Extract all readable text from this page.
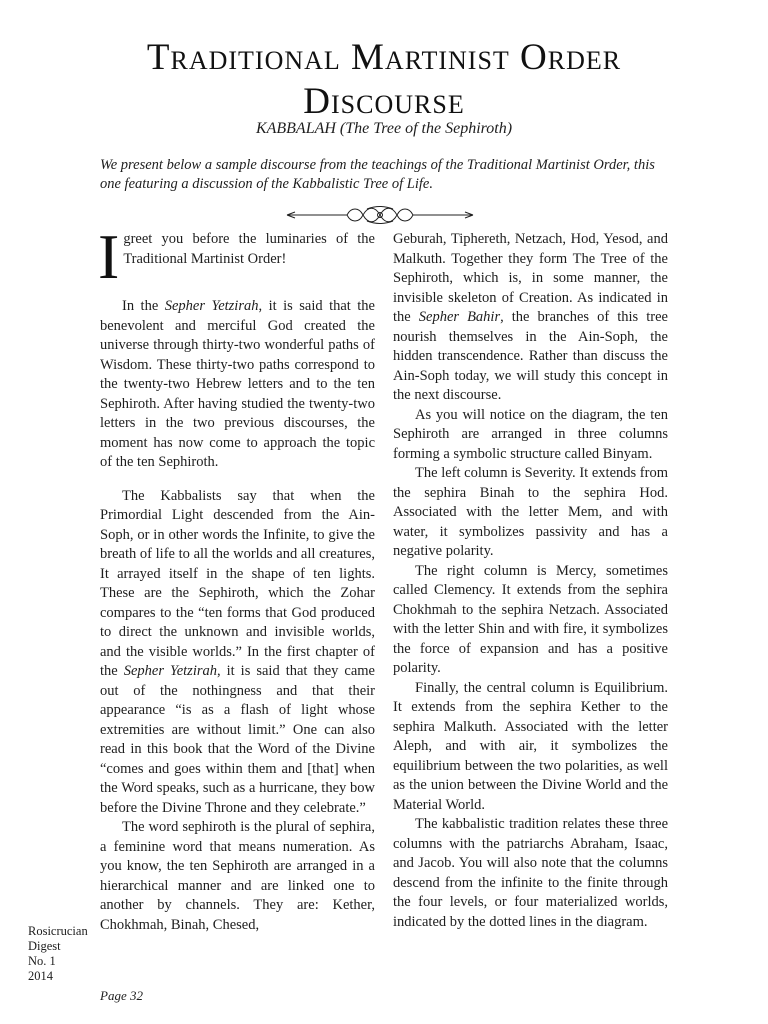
Traditional Martinist Order
Discourse
KABBALAH (The Tree of the Sephiroth)

We present below a sample discourse from the teachings of the Traditional Martinist Order, this one featuring a discussion of the Kabbalistic Tree of Life.

Igreet you before the luminaries of the Traditional Martinist Order!

In the Sepher Yetzirah, it is said that the benevolent and merciful God created the universe through thirty-two wonderful paths of Wisdom. These thirty-two paths correspond to the twenty-two Hebrew letters and to the ten Sephiroth. After having studied the twenty-two letters in the two previous discourses, the moment has now come to approach the topic of the ten Sephiroth.

The Kabbalists say that when the Primordial Light descended from the Ain-Soph, or in other words the Infinite, to give the breath of life to all the worlds and all creatures, It arrayed itself in the shape of ten lights. These are the Sephiroth, which the Zohar compares to the “ten forms that God produced to direct the unknown and invisible worlds, and the visible worlds.” In the first chapter of the Sepher Yetzirah, it is said that they came out of the nothingness and that their appearance “is as a flash of light whose extremities are without limit.” One can also read in this book that the Word of the Divine “comes and goes within them and [that] when the Word speaks, such as a hurricane, they bow before the Divine Throne and they celebrate.”

The word sephiroth is the plural of sephira, a feminine word that means numeration. As you know, the ten Sephiroth are arranged in a hierarchical manner and are linked one to another by channels. They are: Kether, Chokhmah, Binah, Chesed,

Geburah, Tiphereth, Netzach, Hod, Yesod, and Malkuth. Together they form The Tree of the Sephiroth, which is, in some manner, the invisible skeleton of Creation. As indicated in the Sepher Bahir, the branches of this tree nourish themselves in the Ain-Soph, the hidden transcendence. Rather than discuss the Ain-Soph today, we will study this concept in the next discourse.

As you will notice on the diagram, the ten Sephiroth are arranged in three columns forming a symbolic structure called Binyam.

The left column is Severity. It extends from the sephira Binah to the sephira Hod. Associated with the letter Mem, and with water, it symbolizes passivity and has a negative polarity.

The right column is Mercy, sometimes called Clemency. It extends from the sephira Chokhmah to the sephira Netzach. Associated with the letter Shin and with fire, it symbolizes the force of expansion and has a positive polarity.

Finally, the central column is Equilibrium. It extends from the sephira Kether to the sephira Malkuth. Associated with the letter Aleph, and with air, it symbolizes the equilibrium between the two polarities, as well as the union between the Divine World and the Material World.

The kabbalistic tradition relates these three columns with the patriarchs Abraham, Isaac, and Jacob. You will also note that the columns descend from the infinite to the finite through the four levels, or four materialized worlds, indicated by the dotted lines in the diagram.

Rosicrucian
Digest
No. 1
2014
Page 32
